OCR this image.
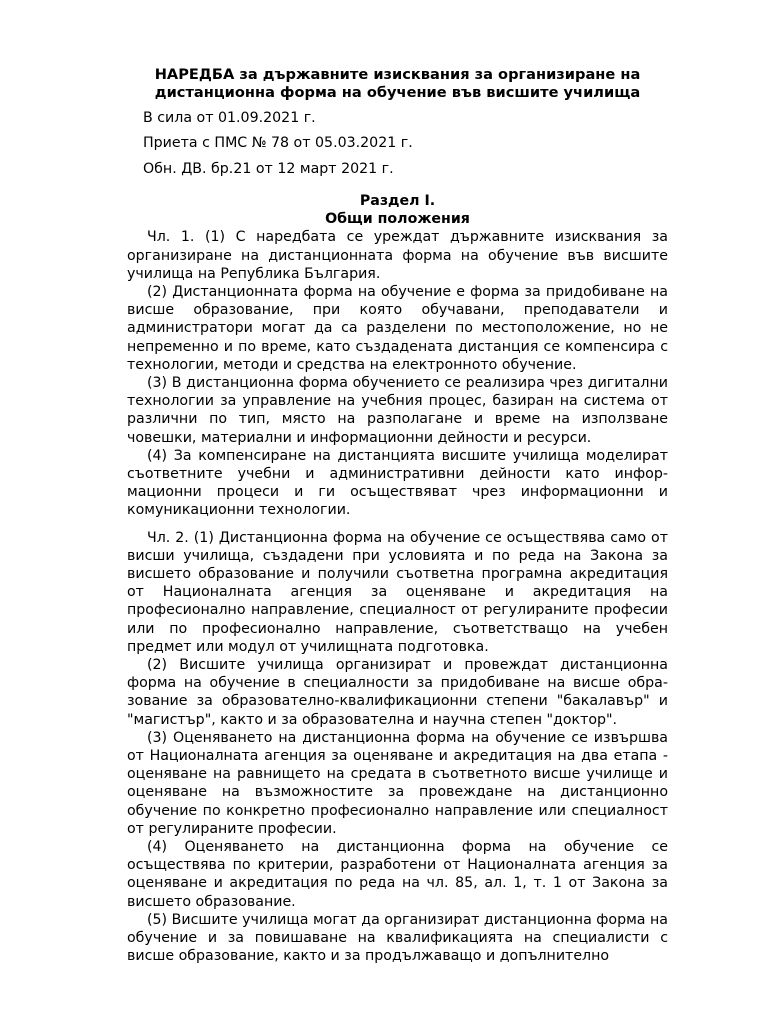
НАРЕДБА за държавните изисквания за организиране на дистанционна форма на обучение във висшите училища

В сила от 01.09.2021 г.
Приета с ПМС № 78 от 05.03.2021 г.
Обн. ДВ. бр.21 от 12 март 2021 г.
Раздел I.
Общи положения

Чл. 1. (1) С наредбата се уреждат държавните изисквания за организиране на дистанционната форма на обучение във висшите училища на Република България.

(2) Дистанционната форма на обучение е форма за придобиване на висше образование, при която обучавани, преподаватели и администратори могат да са разделени по местоположение, но не непременно и по време, като създадената дистанция се компенсира с технологии, методи и средства на електронното обучение.

(3) В дистанционна форма обучението се реализира чрез дигитални технологии за управление на учебния процес, базиран на система от различни по тип, място на разполагане и време на използване човешки, материални и информационни дейности и ресурси.

(4) За компенсиране на дистанцията висшите училища моделират съответните учебни и административни дейности като информационни процеси и ги осъществяват чрез информационни и комуникационни технологии.

Чл. 2. (1) Дистанционна форма на обучение се осъществява само от висши училища, създадени при условията и по реда на Закона за висшето образование и получили съответна програмна акредитация от Националната агенция за оценяване и акредитация на професионално направление, специалност от регулираните професии или по професионално направление, съответстващо на учебен предмет или модул от училищната подготовка.

(2) Висшите училища организират и провеждат дистанционна форма на обучение в специалности за придобиване на висше образование за образователно-квалификационни степени "бакалавър" и "магистър", както и за образователна и научна степен "доктор".

(3) Оценяването на дистанционна форма на обучение се извършва от Националната агенция за оценяване и акредитация на два етапа - оценяване на равнището на средата в съответното висше училище и оценяване на възможностите за провеждане на дистанционно обучение по конкретно професионално направление или специалност от регулираните професии.

(4) Оценяването на дистанционна форма на обучение се осъществява по критерии, разработени от Националната агенция за оценяване и акредитация по реда на чл. 85, ал. 1, т. 1 от Закона за висшето образование.

(5) Висшите училища могат да организират дистанционна форма на обучение и за повишаване на квалификацията на специалисти с висше образование, както и за продължаващо и допълнително
